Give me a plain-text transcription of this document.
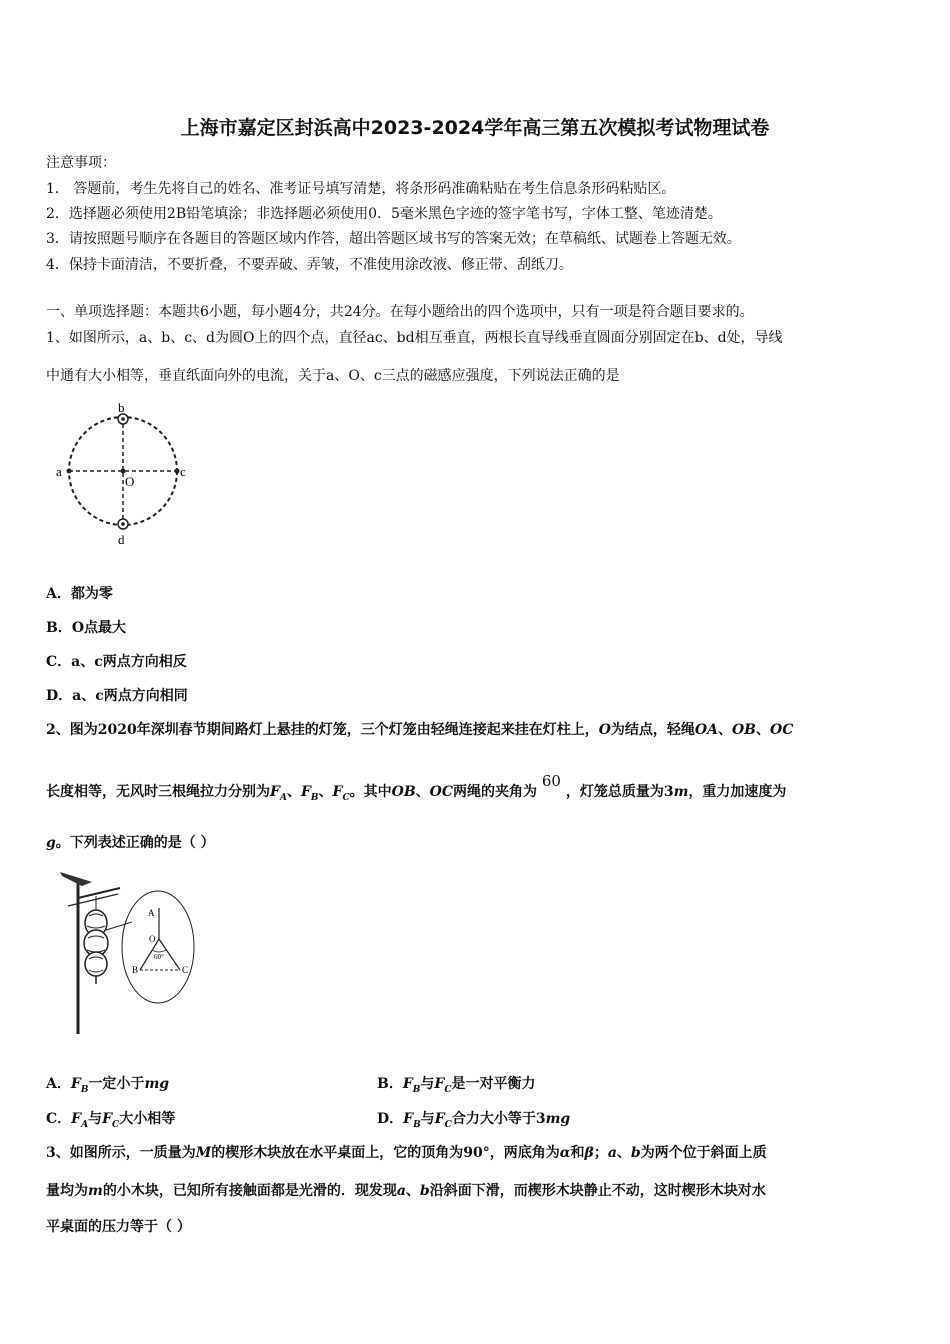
上海市嘉定区封浜高中2023-2024学年高三第五次模拟考试物理试卷
注意事项：
1． 答题前，考生先将自己的姓名、准考证号填写清楚，将条形码准确粘贴在考生信息条形码粘贴区。
2．选择题必须使用2B铅笔填涂；非选择题必须使用0．5毫米黑色字迹的签字笔书写，字体工整、笔迹清楚。
3．请按照题号顺序在各题目的答题区域内作答，超出答题区域书写的答案无效；在草稿纸、试题卷上答题无效。
4．保持卡面清洁，不要折叠，不要弄破、弄皱，不准使用涂改液、修正带、刮纸刀。
一、单项选择题：本题共6小题，每小题4分，共24分。在每小题给出的四个选项中，只有一项是符合题目要求的。
1、如图所示，a、b、c、d为圆O上的四个点，直径ac、bd相互垂直，两根长直导线垂直圆面分别固定在b、d处，导线
中通有大小相等，垂直纸面向外的电流，关于a、O、c三点的磁感应强度，下列说法正确的是
b
a	c
O
d
A．都为零
B．O点最大
C．a、c两点方向相反
D．a、c两点方向相同
2、图为2020年深圳春节期间路灯上悬挂的灯笼，三个灯笼由轻绳连接起来挂在灯柱上，O为结点，轻绳OA、OB、OC
长度相等，无风时三根绳拉力分别为$F_A$、$F_B$、$F_C$。其中OB、OC两绳的夹角为 60 ，灯笼总质量为3m，重力加速度为
g。下列表述正确的是（ ）
A
O
60°
B	C
A．$F_B$一定小于mg	B．$F_B$与$F_C$是一对平衡力
C．$F_A$与$F_C$大小相等	D．$F_B$与$F_C$合力大小等于3mg
3、如图所示，一质量为M的楔形木块放在水平桌面上，它的顶角为90°，两底角为α和β；a、b为两个位于斜面上质
量均为m的小木块，已知所有接触面都是光滑的．现发现a、b沿斜面下滑，而楔形木块静止不动，这时楔形木块对水
平桌面的压力等于（ ）
